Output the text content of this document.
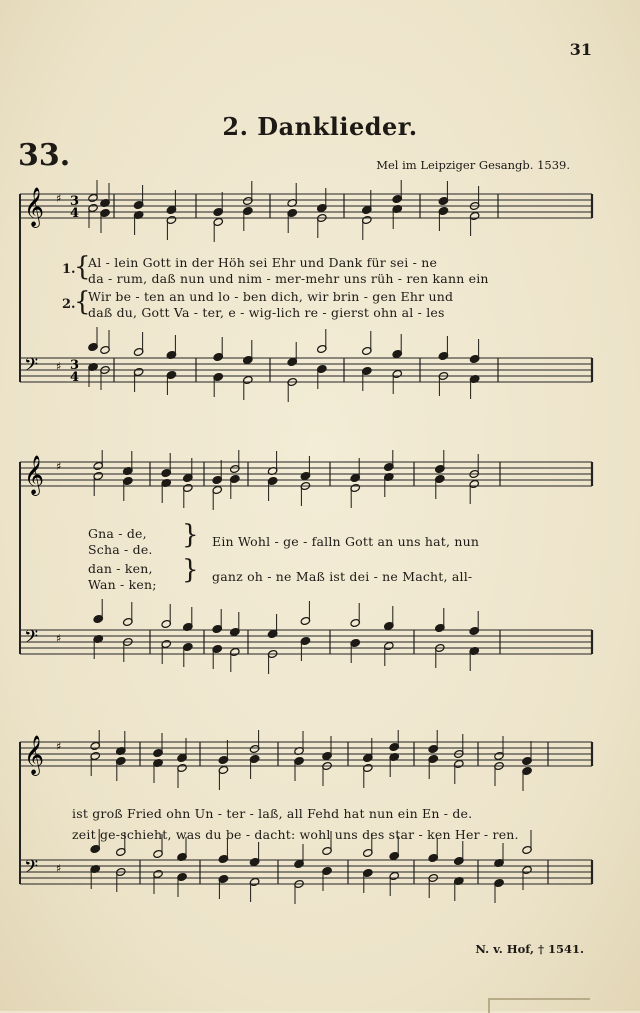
31
2. Danklieder.
33.	Mel im Leipziger Gesangb. 1539.
𝄞
𝄢
♯
♯
3
4
3
4
1.
{
Al - lein Gott in der Höh sei Ehr und Dank für sei - ne
da - rum, daß nun und nim - mer-mehr uns rüh - ren kann ein
2.
{
Wir be - ten an und lo - ben dich, wir brin - gen Ehr und
daß du, Gott Va - ter, e - wig-lich re - gierst ohn al - les
𝄞
𝄢
♯
♯
Gna - de,
Scha - de. } Ein Wohl - ge - falln Gott an uns hat, nun
dan - ken,
Wan - ken; } ganz oh - ne Maß ist dei - ne Macht, all-
𝄞
𝄢
♯
♯
ist groß Fried ohn Un - ter - laß, all Fehd hat nun ein En - de.
zeit ge-schieht, was du be - dacht: wohl uns des star - ken Her - ren.
N. v. Hof, † 1541.
